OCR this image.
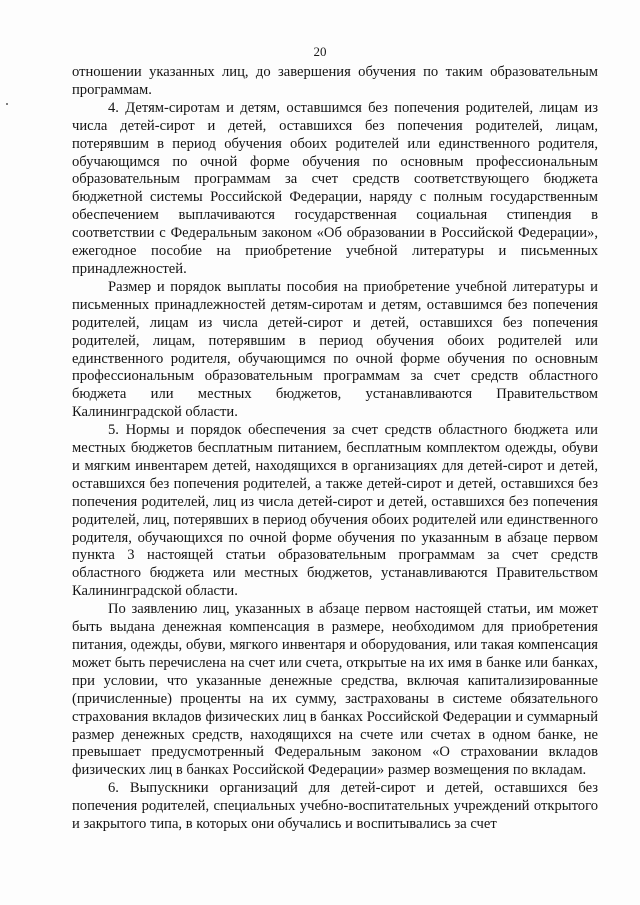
20

отношении указанных лиц, до завершения обучения по таким образовательным программам.

4. Детям-сиротам и детям, оставшимся без попечения родителей, лицам из числа детей-сирот и детей, оставшихся без попечения родителей, лицам, потерявшим в период обучения обоих родителей или единственного родителя, обучающимся по очной форме обучения по основным профессиональным образовательным программам за счет средств соответствующего бюджета бюджетной системы Российской Федерации, наряду с полным государственным обеспечением выплачиваются государственная социальная стипендия в соответствии с Федеральным законом «Об образовании в Российской Федерации», ежегодное пособие на приобретение учебной литературы и письменных принадлежностей.

Размер и порядок выплаты пособия на приобретение учебной литературы и письменных принадлежностей детям-сиротам и детям, оставшимся без попечения родителей, лицам из числа детей-сирот и детей, оставшихся без попечения родителей, лицам, потерявшим в период обучения обоих родителей или единственного родителя, обучающимся по очной форме обучения по основным профессиональным образовательным программам за счет средств областного бюджета или местных бюджетов, устанавливаются Правительством Калининградской области.

5. Нормы и порядок обеспечения за счет средств областного бюджета или местных бюджетов бесплатным питанием, бесплатным комплектом одежды, обуви и мягким инвентарем детей, находящихся в организациях для детей-сирот и детей, оставшихся без попечения родителей, а также детей-сирот и детей, оставшихся без попечения родителей, лиц из числа детей-сирот и детей, оставшихся без попечения родителей, лиц, потерявших в период обучения обоих родителей или единственного родителя, обучающихся по очной форме обучения по указанным в абзаце первом пункта 3 настоящей статьи образовательным программам за счет средств областного бюджета или местных бюджетов, устанавливаются Правительством Калининградской области.

По заявлению лиц, указанных в абзаце первом настоящей статьи, им может быть выдана денежная компенсация в размере, необходимом для приобретения питания, одежды, обуви, мягкого инвентаря и оборудования, или такая компенсация может быть перечислена на счет или счета, открытые на их имя в банке или банках, при условии, что указанные денежные средства, включая капитализированные (причисленные) проценты на их сумму, застрахованы в системе обязательного страхования вкладов физических лиц в банках Российской Федерации и суммарный размер денежных средств, находящихся на счете или счетах в одном банке, не превышает предусмотренный Федеральным законом «О страховании вкладов физических лиц в банках Российской Федерации» размер возмещения по вкладам.

6. Выпускники организаций для детей-сирот и детей, оставшихся без попечения родителей, специальных учебно-воспитательных учреждений открытого и закрытого типа, в которых они обучались и воспитывались за счет
